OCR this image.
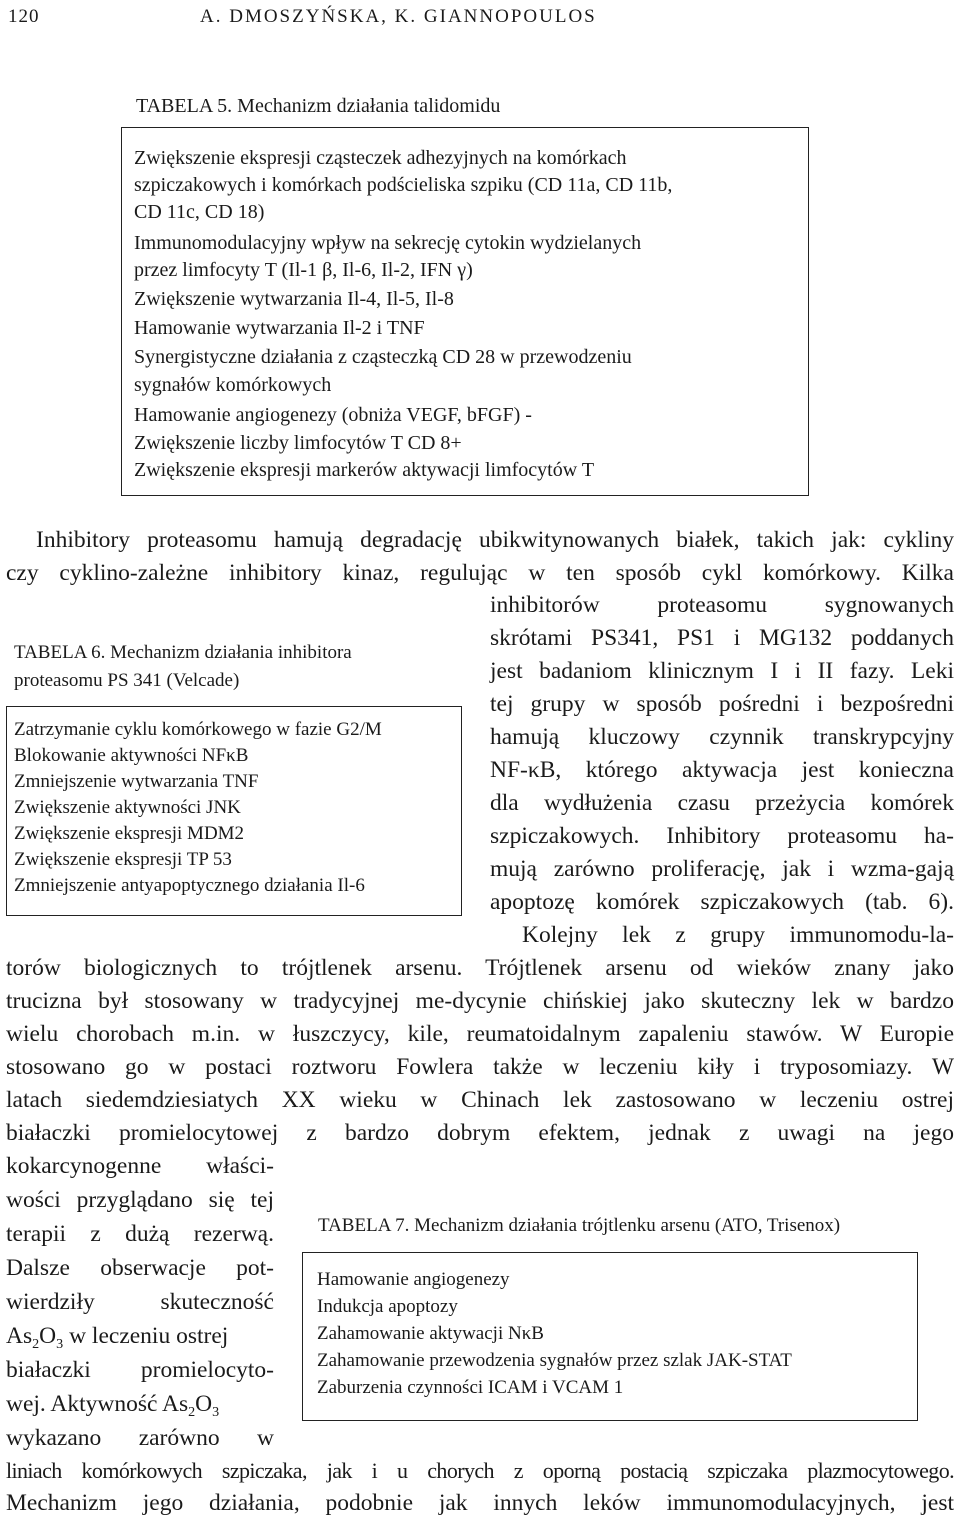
120	A. DMOSZYŃSKA, K. GIANNOPOULOS
TABELA 5. Mechanizm działania talidomidu
Zwiększenie ekspresji cząsteczek adhezyjnych na komórkach
szpiczakowych i komórkach podścieliska szpiku (CD 11a, CD 11b,
CD 11c, CD 18)
Immunomodulacyjny wpływ na sekrecję cytokin wydzielanych
przez limfocyty T (Il-1 β, Il-6, Il-2, IFN γ)
Zwiększenie wytwarzania Il-4, Il-5, Il-8
Hamowanie wytwarzania Il-2 i TNF
Synergistyczne działania z cząsteczką CD 28 w przewodzeniu
sygnałów komórkowych
Hamowanie angiogenezy (obniża VEGF, bFGF) -
Zwiększenie liczby limfocytów T CD 8+
Zwiększenie ekspresji markerów aktywacji limfocytów T
Inhibitory proteasomu hamują degradację ubikwitynowanych białek, takich jak: cykliny
czy cyklino-zależne inhibitory kinaz, regulując w ten sposób cykl komórkowy. Kilka
inhibitorów proteasomu sygnowanych
skrótami PS341, PS1 i MG132 poddanych
jest badaniom klinicznym I i II fazy. Leki
tej grupy w sposób pośredni i bezpośredni
hamują kluczowy czynnik transkrypcyjny
NF-κB, którego aktywacja jest konieczna
dla wydłużenia czasu przeżycia komórek
szpiczakowych. Inhibitory proteasomu ha-
mują zarówno proliferację, jak i wzma-gają
apoptozę komórek szpiczakowych (tab. 6).
Kolejny lek z grupy immunomodu-la-
TABELA 6. Mechanizm działania inhibitora
proteasomu PS 341 (Velcade)
Zatrzymanie cyklu komórkowego w fazie G2/M
Blokowanie aktywności NFκB
Zmniejszenie wytwarzania TNF
Zwiększenie aktywności JNK
Zwiększenie ekspresji MDM2
Zwiększenie ekspresji TP 53
Zmniejszenie antyapoptycznego działania Il-6
torów biologicznych to trójtlenek arsenu. Trójtlenek arsenu od wieków znany jako
trucizna był stosowany w tradycyjnej me-dycynie chińskiej jako skuteczny lek w bardzo
wielu chorobach m.in. w łuszczycy, kile, reumatoidalnym zapaleniu stawów. W Europie
stosowano go w postaci roztworu Fowlera także w leczeniu kiły i tryposomiazy. W
latach siedemdziesiatych XX wieku w Chinach lek zastosowano w leczeniu ostrej
białaczki promielocytowej z bardzo dobrym efektem, jednak z uwagi na jego
kokarcynogenne właści-
wości przyglądano się tej
terapii z dużą rezerwą.
Dalsze obserwacje pot-
wierdziły skuteczność
$As_2O_3$ w leczeniu ostrej
białaczki promielocyto-
wej. Aktywność $As_2O_3$
wykazano zarówno w
TABELA 7. Mechanizm działania trójtlenku arsenu (ATO, Trisenox)
Hamowanie angiogenezy
Indukcja apoptozy
Zahamowanie aktywacji NκB
Zahamowanie przewodzenia sygnałów przez szlak JAK-STAT
Zaburzenia czynności ICAM i VCAM 1
liniach komórkowych szpiczaka, jak i u chorych z oporną postacią szpiczaka plazmocytowego.
Mechanizm jego działania, podobnie jak innych leków immunomodulacyjnych, jest
